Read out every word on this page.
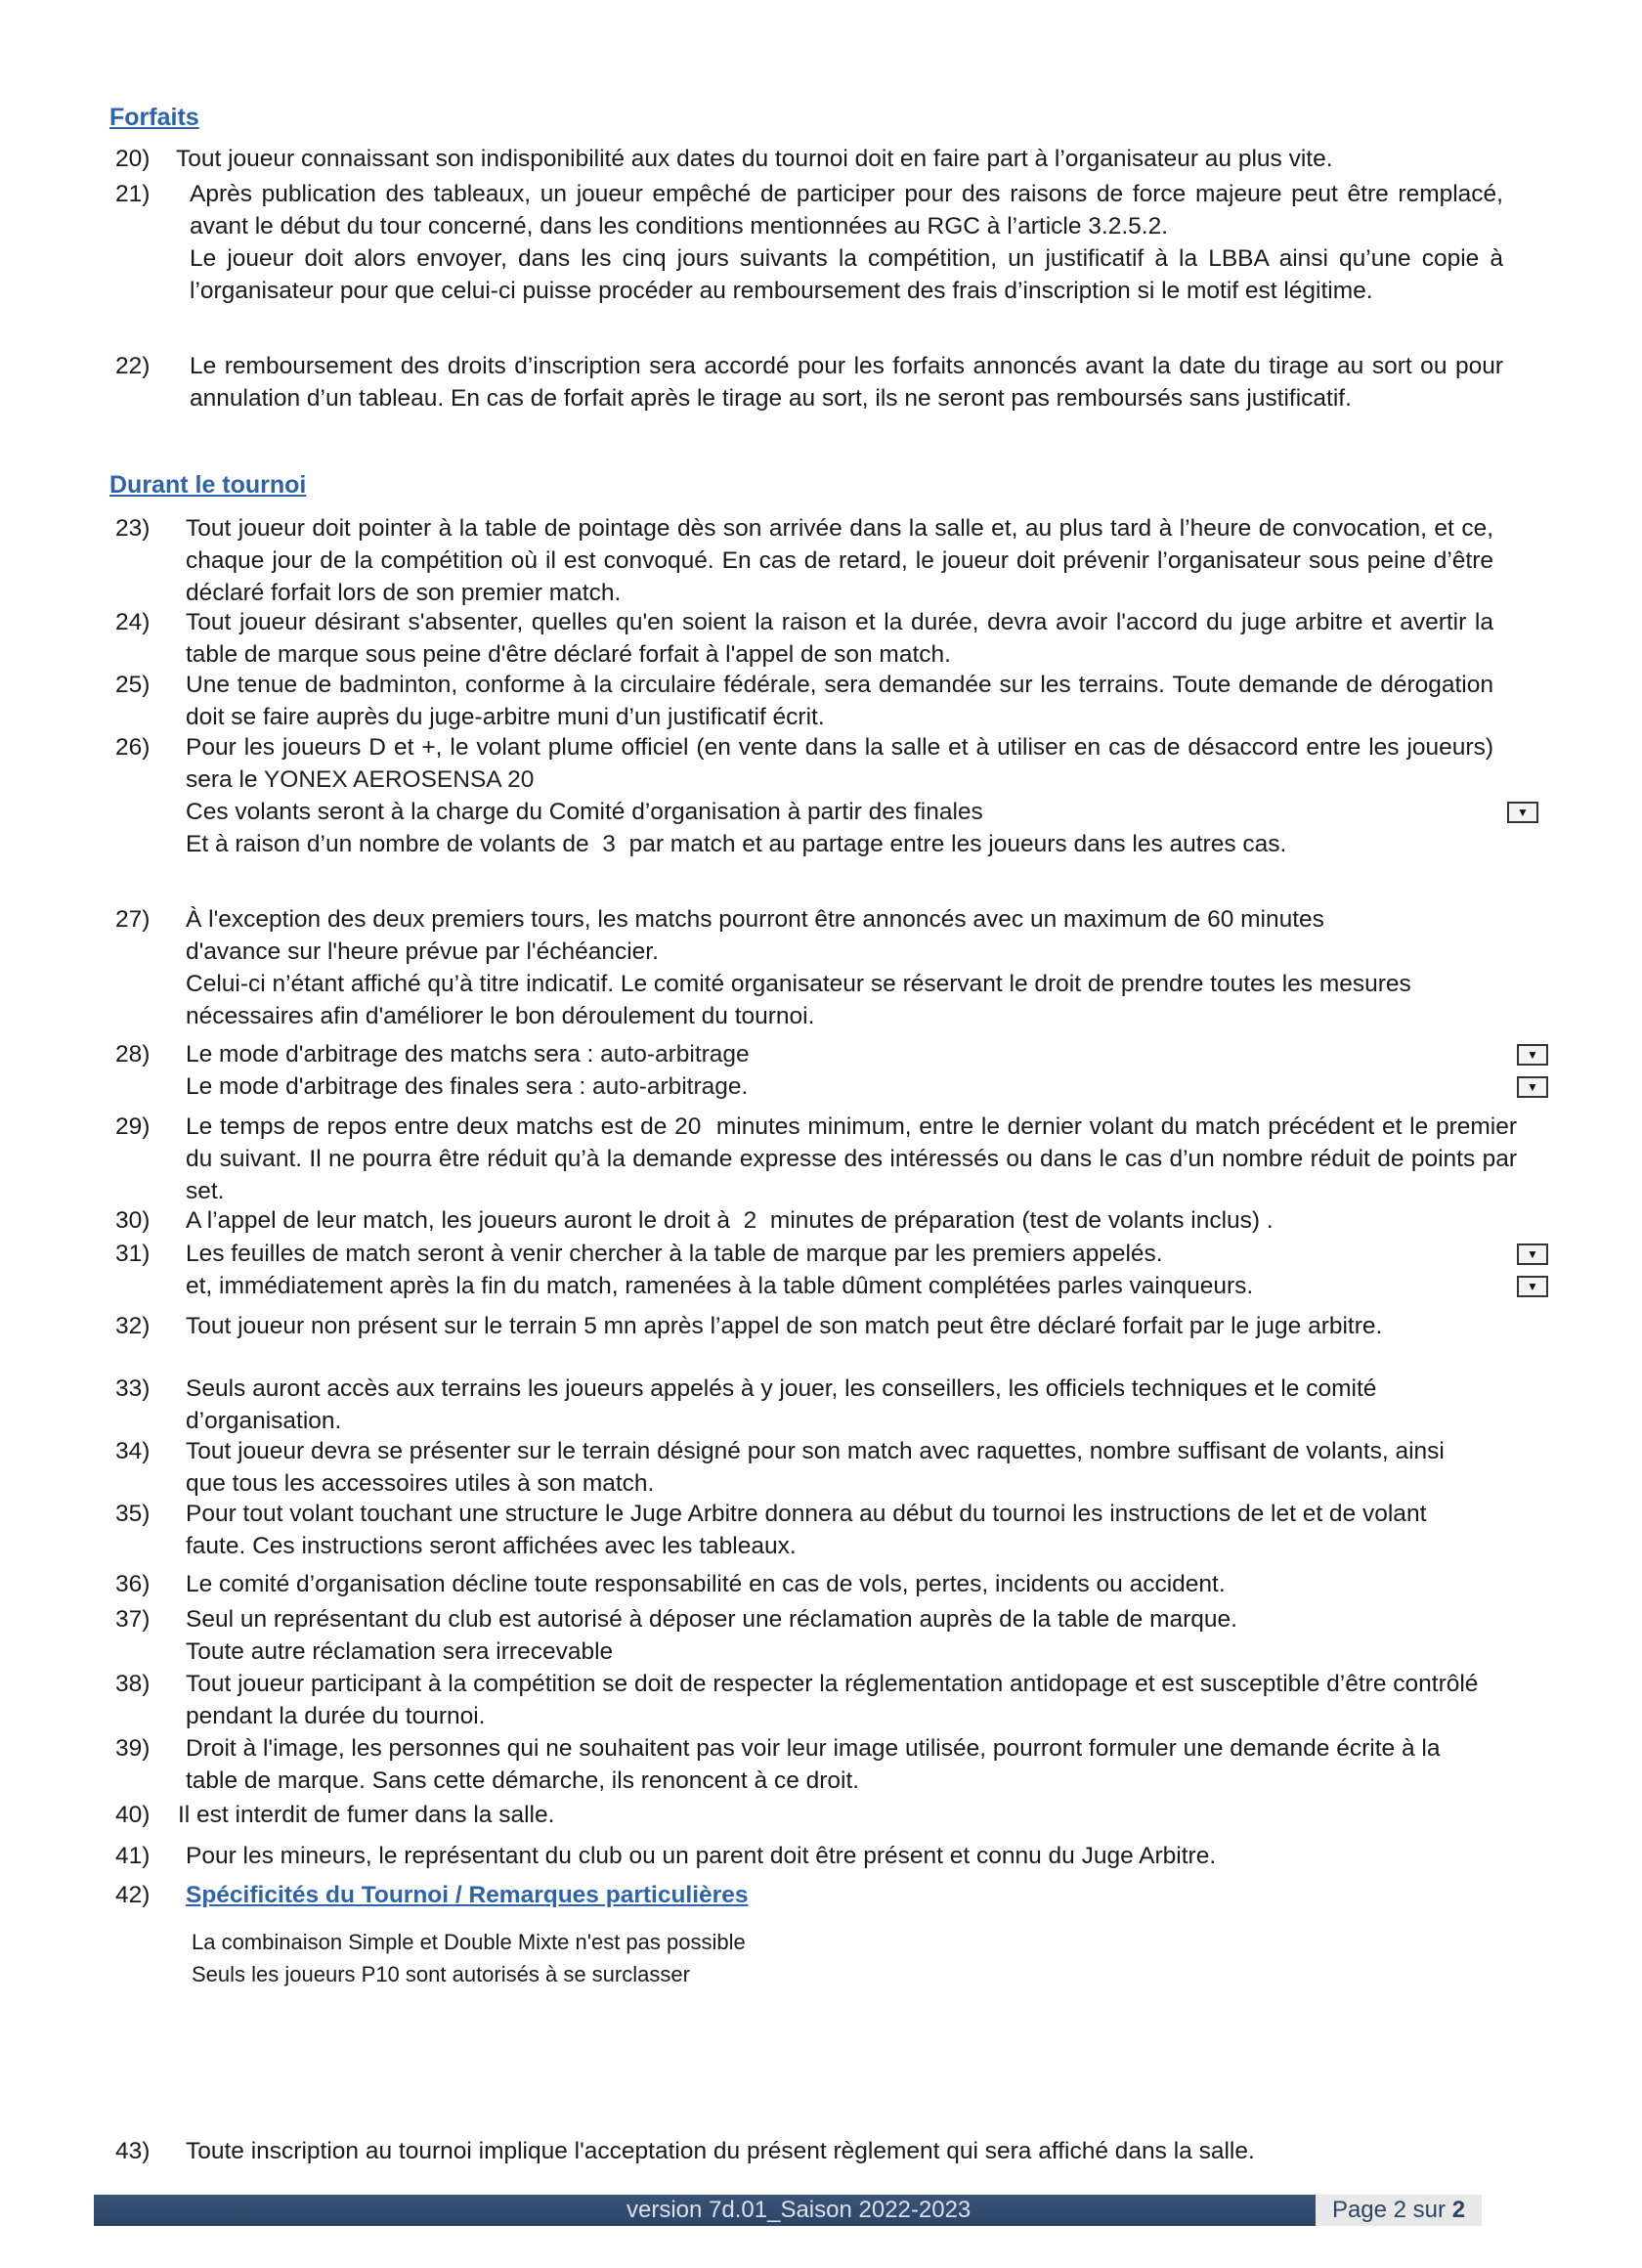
Forfaits
20)	Tout joueur connaissant son indisponibilité aux dates du tournoi doit en faire part à l’organisateur au plus vite.

21)	Après publication des tableaux, un joueur empêché de participer pour des raisons de force majeure peut être remplacé, avant le début du tour concerné, dans les conditions mentionnées au RGC à l’article 3.2.5.2.

Le joueur doit alors envoyer, dans les cinq jours suivants la compétition, un justificatif à la LBBA ainsi qu’une copie à l’organisateur pour que celui-ci puisse procéder au remboursement des frais d’inscription si le motif est légitime.

22)	Le remboursement des droits d’inscription sera accordé pour les forfaits annoncés avant la date du tirage au sort ou pour annulation d’un tableau. En cas de forfait après le tirage au sort, ils ne seront pas remboursés sans justificatif.

Durant le tournoi
23)	Tout joueur doit pointer à la table de pointage dès son arrivée dans la salle et, au plus tard à l’heure de convocation, et ce, chaque jour de la compétition où il est convoqué. En cas de retard, le joueur doit prévenir l’organisateur sous peine d’être déclaré forfait lors de son premier match.

24)	Tout joueur désirant s'absenter, quelles qu'en soient la raison et la durée, devra avoir l'accord du juge arbitre et avertir la table de marque sous peine d'être déclaré forfait à l'appel de son match.

25)	Une tenue de badminton, conforme à la circulaire fédérale, sera demandée sur les terrains. Toute demande de dérogation doit se faire auprès du juge-arbitre muni d’un justificatif écrit.

26)	Pour les joueurs D et +, le volant plume officiel (en vente dans la salle et à utiliser en cas de désaccord entre les joueurs) sera le YONEX AEROSENSA 20

Ces volants seront à la charge du Comité d’organisation à partir des finales	▼

Et à raison d’un nombre de volants de 3 par match et au partage entre les joueurs dans les autres cas.

27)	À l'exception des deux premiers tours, les matchs pourront être annoncés avec un maximum de 60 minutes d'avance sur l'heure prévue par l'échéancier.

Celui-ci n’étant affiché qu’à titre indicatif. Le comité organisateur se réservant le droit de prendre toutes les mesures nécessaires afin d'améliorer le bon déroulement du tournoi.

28)	Le mode d'arbitrage des matchs sera : auto-arbitrage	▼
Le mode d'arbitrage des finales sera : auto-arbitrage.	▼
29)	Le temps de repos entre deux matchs est de 20 minutes minimum, entre le dernier volant du match précédent et le premier du suivant. Il ne pourra être réduit qu’à la demande expresse des intéressés ou dans le cas d’un nombre réduit de points par set.

30)	A l’appel de leur match, les joueurs auront le droit à 2 minutes de préparation (test de volants inclus) .

31)	Les feuilles de match seront à venir chercher à la table de marque par les premiers appelés.	▼
et, immédiatement après la fin du match, ramenées à la table dûment complétées parles vainqueurs.	▼
32)	Tout joueur non présent sur le terrain 5 mn après l’appel de son match peut être déclaré forfait par le juge arbitre.

33)	Seuls auront accès aux terrains les joueurs appelés à y jouer, les conseillers, les officiels techniques et le comité d’organisation.

34)	Tout joueur devra se présenter sur le terrain désigné pour son match avec raquettes, nombre suffisant de volants, ainsi que tous les accessoires utiles à son match.

35)	Pour tout volant touchant une structure le Juge Arbitre donnera au début du tournoi les instructions de let et de volant faute. Ces instructions seront affichées avec les tableaux.

36)	Le comité d’organisation décline toute responsabilité en cas de vols, pertes, incidents ou accident.

37)	Seul un représentant du club est autorisé à déposer une réclamation auprès de la table de marque.

Toute autre réclamation sera irrecevable

38)	Tout joueur participant à la compétition se doit de respecter la réglementation antidopage et est susceptible d’être contrôlé pendant la durée du tournoi.

39)	Droit à l'image, les personnes qui ne souhaitent pas voir leur image utilisée, pourront formuler une demande écrite à la table de marque. Sans cette démarche, ils renoncent à ce droit.

40)	Il est interdit de fumer dans la salle.

41)	Pour les mineurs, le représentant du club ou un parent doit être présent et connu du Juge Arbitre.

42)	Spécificités du Tournoi / Remarques particulières

La combinaison Simple et Double Mixte n'est pas possible

Seuls les joueurs P10 sont autorisés à se surclasser

43)	Toute inscription au tournoi implique l'acceptation du présent règlement qui sera affiché dans la salle.

version 7d.01_Saison 2022-2023	Page 2 sur 2
